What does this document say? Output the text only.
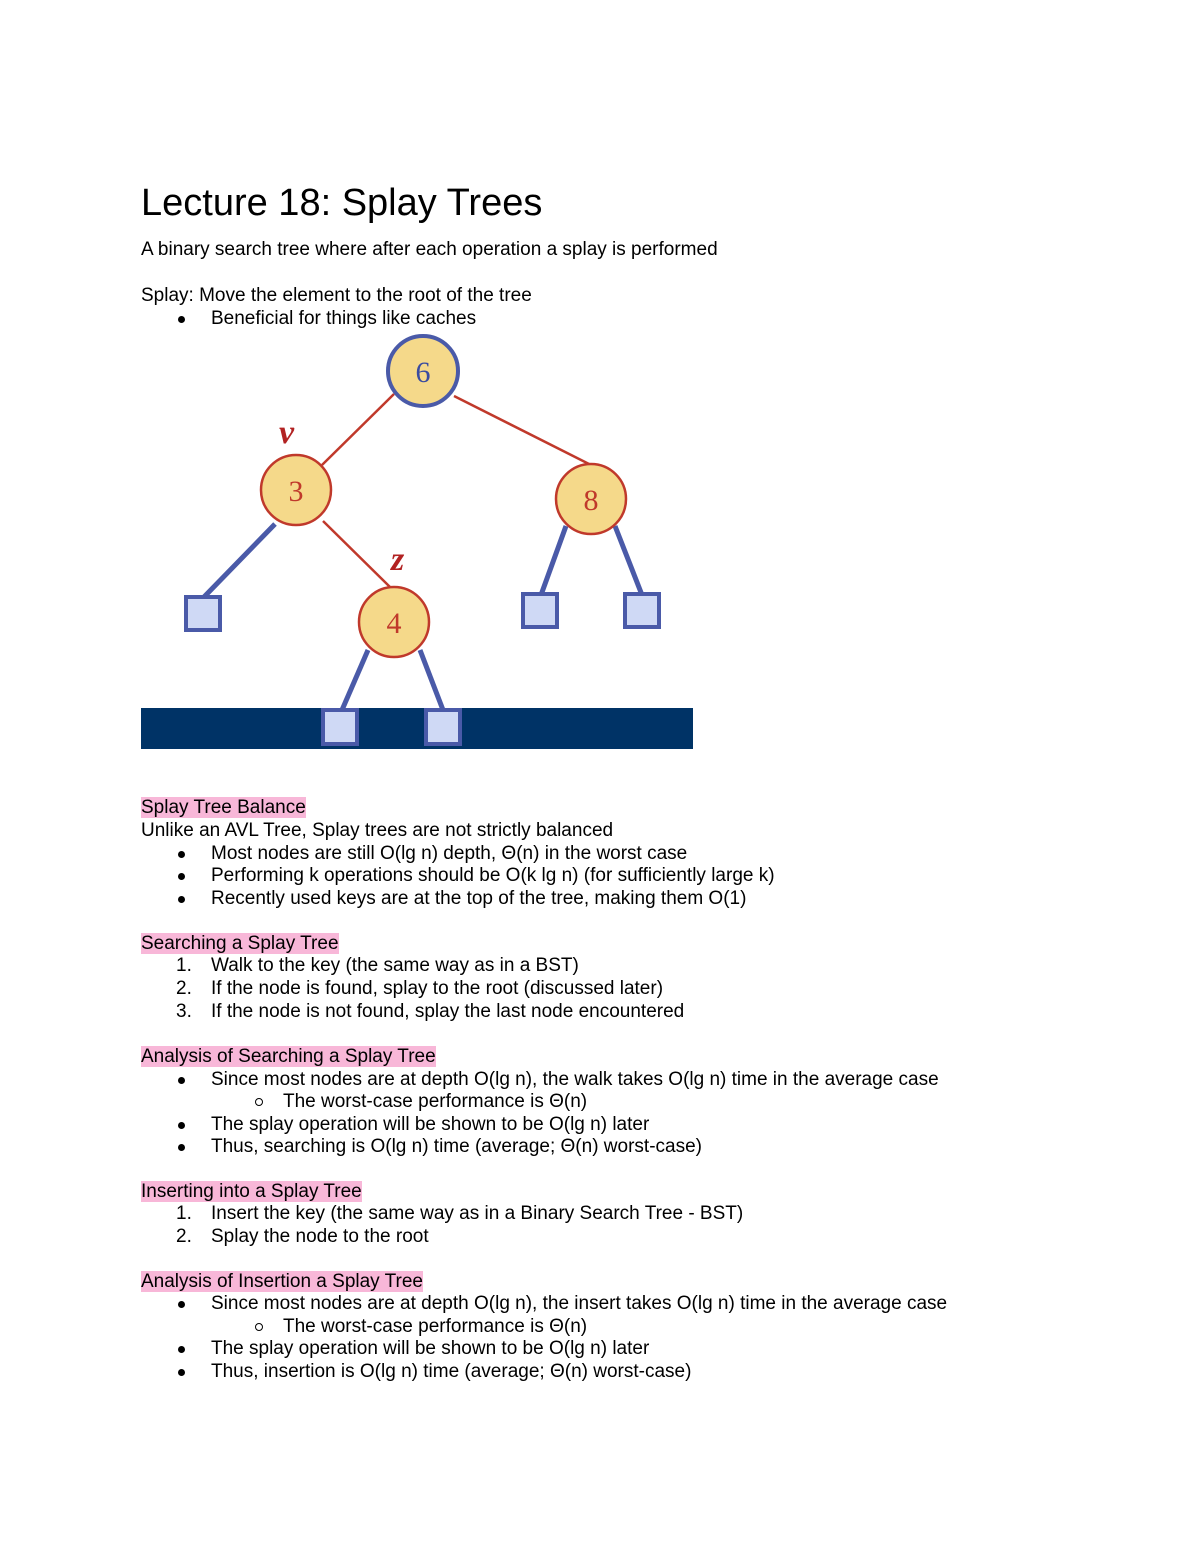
Lecture 18: Splay Trees

A binary search tree where after each operation a splay is performed

Splay: Move the element to the root of the tree

Beneficial for things like caches
6
3	8
4
v
z

Splay Tree Balance

Unlike an AVL Tree, Splay trees are not strictly balanced

Most nodes are still O(lg n) depth, Θ(n) in the worst case
Performing k operations should be O(k lg n) (for sufficiently large k)
Recently used keys are at the top of the tree, making them O(1)

Searching a Splay Tree

1. Walk to the key (the same way as in a BST)
2. If the node is found, splay to the root (discussed later)
3. If the node is not found, splay the last node encountered

Analysis of Searching a Splay Tree

Since most nodes are at depth O(lg n), the walk takes O(lg n) time in the average case
The worst-case performance is Θ(n)
The splay operation will be shown to be O(lg n) later
Thus, searching is O(lg n) time (average; Θ(n) worst-case)

Inserting into a Splay Tree

1. Insert the key (the same way as in a Binary Search Tree - BST)
2. Splay the node to the root

Analysis of Insertion a Splay Tree

Since most nodes are at depth O(lg n), the insert takes O(lg n) time in the average case
The worst-case performance is Θ(n)
The splay operation will be shown to be O(lg n) later
Thus, insertion is O(lg n) time (average; Θ(n) worst-case)
